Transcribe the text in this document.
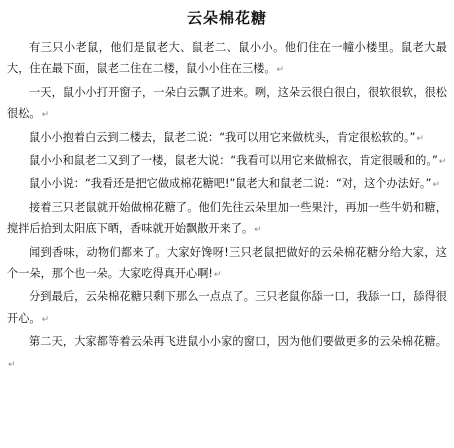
云朵棉花糖

有三只小老鼠，他们是鼠老大、鼠老二、鼠小小。他们住在一幢小楼里。鼠老大最大，住在最下面，鼠老二住在二楼，鼠小小住在三楼。↵

一天，鼠小小打开窗子，一朵白云飘了进来。咧，这朵云很白很白，很软很软，很松很松。↵

鼠小小抱着白云到二楼去，鼠老二说：“我可以用它来做枕头，肯定很松软的。”↵

鼠小小和鼠老二又到了一楼，鼠老大说：“我看可以用它来做棉衣，肯定很暖和的。”↵

鼠小小说：“我看还是把它做成棉花糖吧!”鼠老大和鼠老二说：“对，这个办法好。”↵

接着三只老鼠就开始做棉花糖了。他们先往云朵里加一些果汁，再加一些牛奶和糖，搅拌后拾到太阳底下晒，香味就开始飘散开来了。↵

闻到香味，动物们都来了。大家好馋呀!三只老鼠把做好的云朵棉花糖分给大家，这个一朵，那个也一朵。大家吃得真开心啊!↵

分到最后，云朵棉花糖只剩下那么一点点了。三只老鼠你舔一口，我舔一口，舔得很开心。↵

第二天，大家都等着云朵再飞进鼠小小家的窗口，因为他们要做更多的云朵棉花糖。↵
